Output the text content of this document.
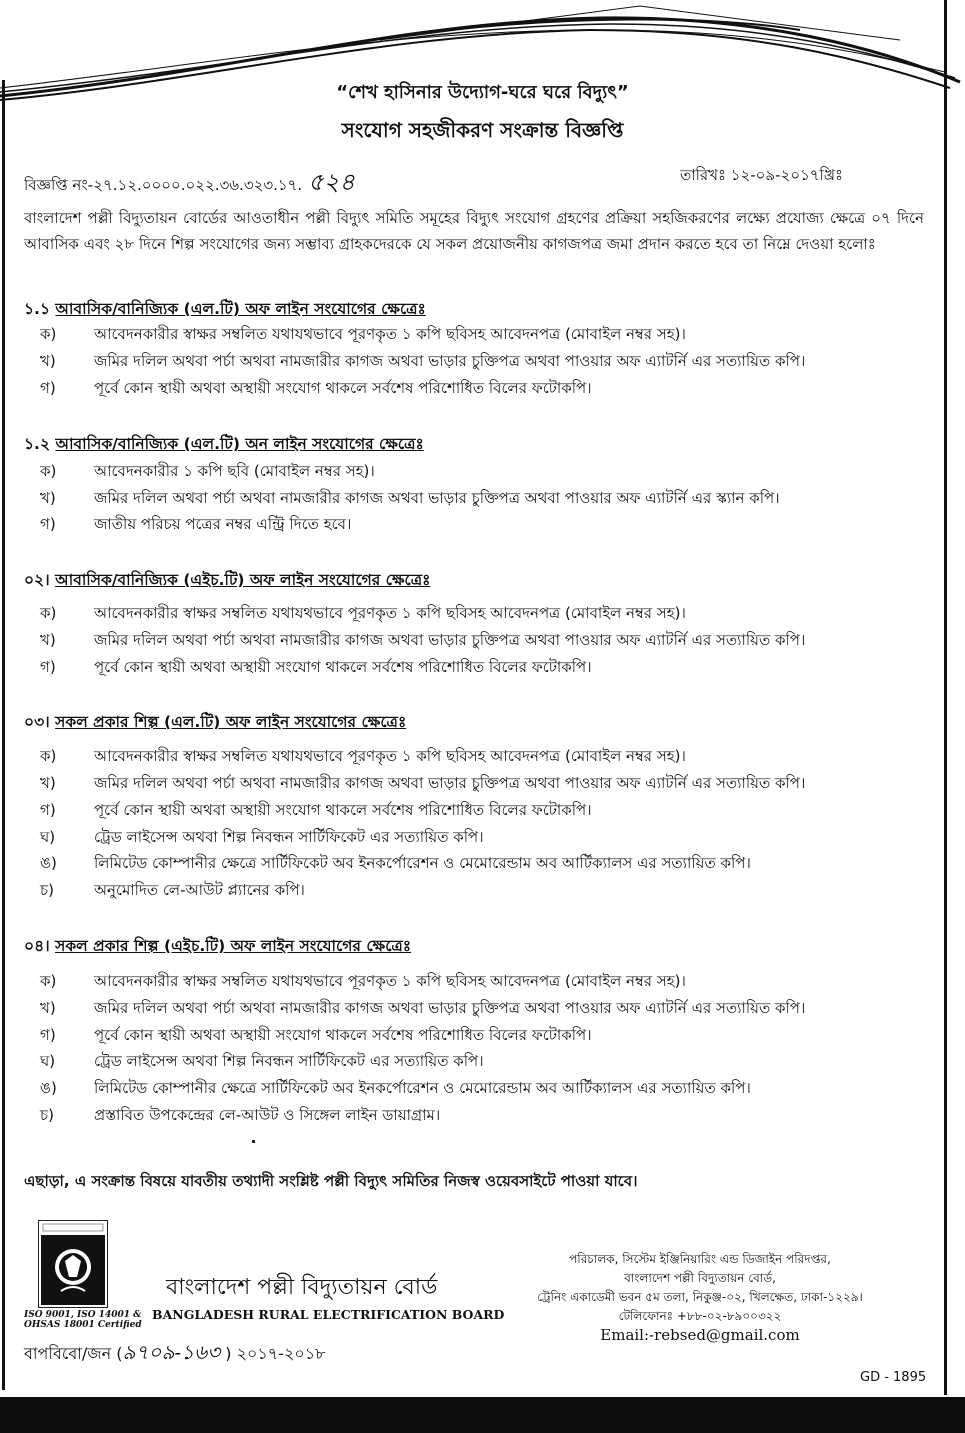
“শেখ হাসিনার উদ্যোগ-ঘরে ঘরে বিদ্যুৎ”
সংযোগ সহজীকরণ সংক্রান্ত বিজ্ঞপ্তি
বিজ্ঞপ্তি নং-২৭.১২.০০০০.০২২.৩৬.৩২৩.১৭. ৫২৪	তারিখঃ ১২-০৯-২০১৭খ্রিঃ
বাংলাদেশ পল্লী বিদ্যুতায়ন বোর্ডের আওতাধীন পল্লী বিদ্যুৎ সমিতি সমূহের বিদ্যুৎ সংযোগ গ্রহণের প্রক্রিয়া সহজিকরণের লক্ষ্যে প্রযোজ্য ক্ষেত্রে ০৭ দিনে আবাসিক এবং ২৮ দিনে শিল্প সংযোগের জন্য সম্ভাব্য গ্রাহকদেরকে যে সকল প্রয়োজনীয় কাগজপত্র জমা প্রদান করতে হবে তা নিম্নে দেওয়া হলোঃ
১.১ আবাসিক/বানিজ্যিক (এল.টি) অফ লাইন সংযোগের ক্ষেত্রেঃ
ক)	আবেদনকারীর স্বাক্ষর সম্বলিত যথাযথভাবে পূরণকৃত ১ কপি ছবিসহ আবেদনপত্র (মোবাইল নম্বর সহ)।
খ)	জমির দলিল অথবা পর্চা অথবা নামজারীর কাগজ অথবা ভাড়ার চুক্তিপত্র অথবা পাওয়ার অফ এ্যাটর্নি এর সত্যায়িত কপি।
গ)	পূর্বে কোন স্থায়ী অথবা অস্থায়ী সংযোগ থাকলে সর্বশেষ পরিশোধিত বিলের ফটোকপি।
১.২ আবাসিক/বানিজ্যিক (এল.টি) অন লাইন সংযোগের ক্ষেত্রেঃ
ক)	আবেদনকারীর ১ কপি ছবি (মোবাইল নম্বর সহ)।
খ)	জমির দলিল অথবা পর্চা অথবা নামজারীর কাগজ অথবা ভাড়ার চুক্তিপত্র অথবা পাওয়ার অফ এ্যাটর্নি এর স্ক্যান কপি।
গ)	জাতীয় পরিচয় পত্রের নম্বর এন্ট্রি দিতে হবে।
০২। আবাসিক/বানিজ্যিক (এইচ.টি) অফ লাইন সংযোগের ক্ষেত্রেঃ
ক)	আবেদনকারীর স্বাক্ষর সম্বলিত যথাযথভাবে পূরণকৃত ১ কপি ছবিসহ আবেদনপত্র (মোবাইল নম্বর সহ)।
খ)	জমির দলিল অথবা পর্চা অথবা নামজারীর কাগজ অথবা ভাড়ার চুক্তিপত্র অথবা পাওয়ার অফ এ্যাটর্নি এর সত্যায়িত কপি।
গ)	পূর্বে কোন স্থায়ী অথবা অস্থায়ী সংযোগ থাকলে সর্বশেষ পরিশোধিত বিলের ফটোকপি।
০৩। সকল প্রকার শিল্প (এল.টি) অফ লাইন সংযোগের ক্ষেত্রেঃ
ক)	আবেদনকারীর স্বাক্ষর সম্বলিত যথাযথভাবে পূরণকৃত ১ কপি ছবিসহ আবেদনপত্র (মোবাইল নম্বর সহ)।
খ)	জমির দলিল অথবা পর্চা অথবা নামজারীর কাগজ অথবা ভাড়ার চুক্তিপত্র অথবা পাওয়ার অফ এ্যাটর্নি এর সত্যায়িত কপি।
গ)	পূর্বে কোন স্থায়ী অথবা অস্থায়ী সংযোগ থাকলে সর্বশেষ পরিশোধিত বিলের ফটোকপি।
ঘ)	ট্রেড লাইসেন্স অথবা শিল্প নিবন্ধন সার্টিফিকেট এর সত্যায়িত কপি।
ঙ) লিমিটেড কোম্পানীর ক্ষেত্রে সার্টিফিকেট অব ইনকর্পোরেশন ও মেমোরেন্ডাম অব আর্টিক্যালস এর সত্যায়িত কপি।
চ)	অনুমোদিত লে-আউট প্ল্যানের কপি।
০৪। সকল প্রকার শিল্প (এইচ.টি) অফ লাইন সংযোগের ক্ষেত্রেঃ
ক)	আবেদনকারীর স্বাক্ষর সম্বলিত যথাযথভাবে পূরণকৃত ১ কপি ছবিসহ আবেদনপত্র (মোবাইল নম্বর সহ)।
খ)	জমির দলিল অথবা পর্চা অথবা নামজারীর কাগজ অথবা ভাড়ার চুক্তিপত্র অথবা পাওয়ার অফ এ্যাটর্নি এর সত্যায়িত কপি।
গ)	পূর্বে কোন স্থায়ী অথবা অস্থায়ী সংযোগ থাকলে সর্বশেষ পরিশোধিত বিলের ফটোকপি।
ঘ)	ট্রেড লাইসেন্স অথবা শিল্প নিবন্ধন সার্টিফিকেট এর সত্যায়িত কপি।
ঙ) লিমিটেড কোম্পানীর ক্ষেত্রে সার্টিফিকেট অব ইনকর্পোরেশন ও মেমোরেন্ডাম অব আর্টিক্যালস এর সত্যায়িত কপি।
চ)	প্রস্তাবিত উপকেন্দ্রের লে-আউট ও সিঙ্গেল লাইন ডায়াগ্রাম।
এছাড়া, এ সংক্রান্ত বিষয়ে যাবতীয় তথ্যাদী সংশ্লিষ্ট পল্লী বিদ্যুৎ সমিতির নিজস্ব ওয়েবসাইটে পাওয়া যাবে।
ISO 9001, ISO 14001 &
OHSAS 18001 Certified
বাংলাদেশ পল্লী বিদ্যুতায়ন বোর্ড
BANGLADESH RURAL ELECTRIFICATION BOARD
বাপবিবো/জন (৯৭০৯-১৬৩ ) ২০১৭-২০১৮
পরিচালক, সিস্টেম ইঞ্জিনিয়ারিং এন্ড ডিজাইন পরিদপ্তর,
বাংলাদেশ পল্লী বিদ্যুতায়ন বোর্ড,
ট্রেনিং একাডেমী ভবন ৫ম তলা, নিকুঞ্জ-০২, খিলক্ষেত, ঢাকা-১২২৯।
টেলিফোনঃ +৮৮-০২-৮৯০০৩২২
Email:-rebsed@gmail.com
GD - 1895
